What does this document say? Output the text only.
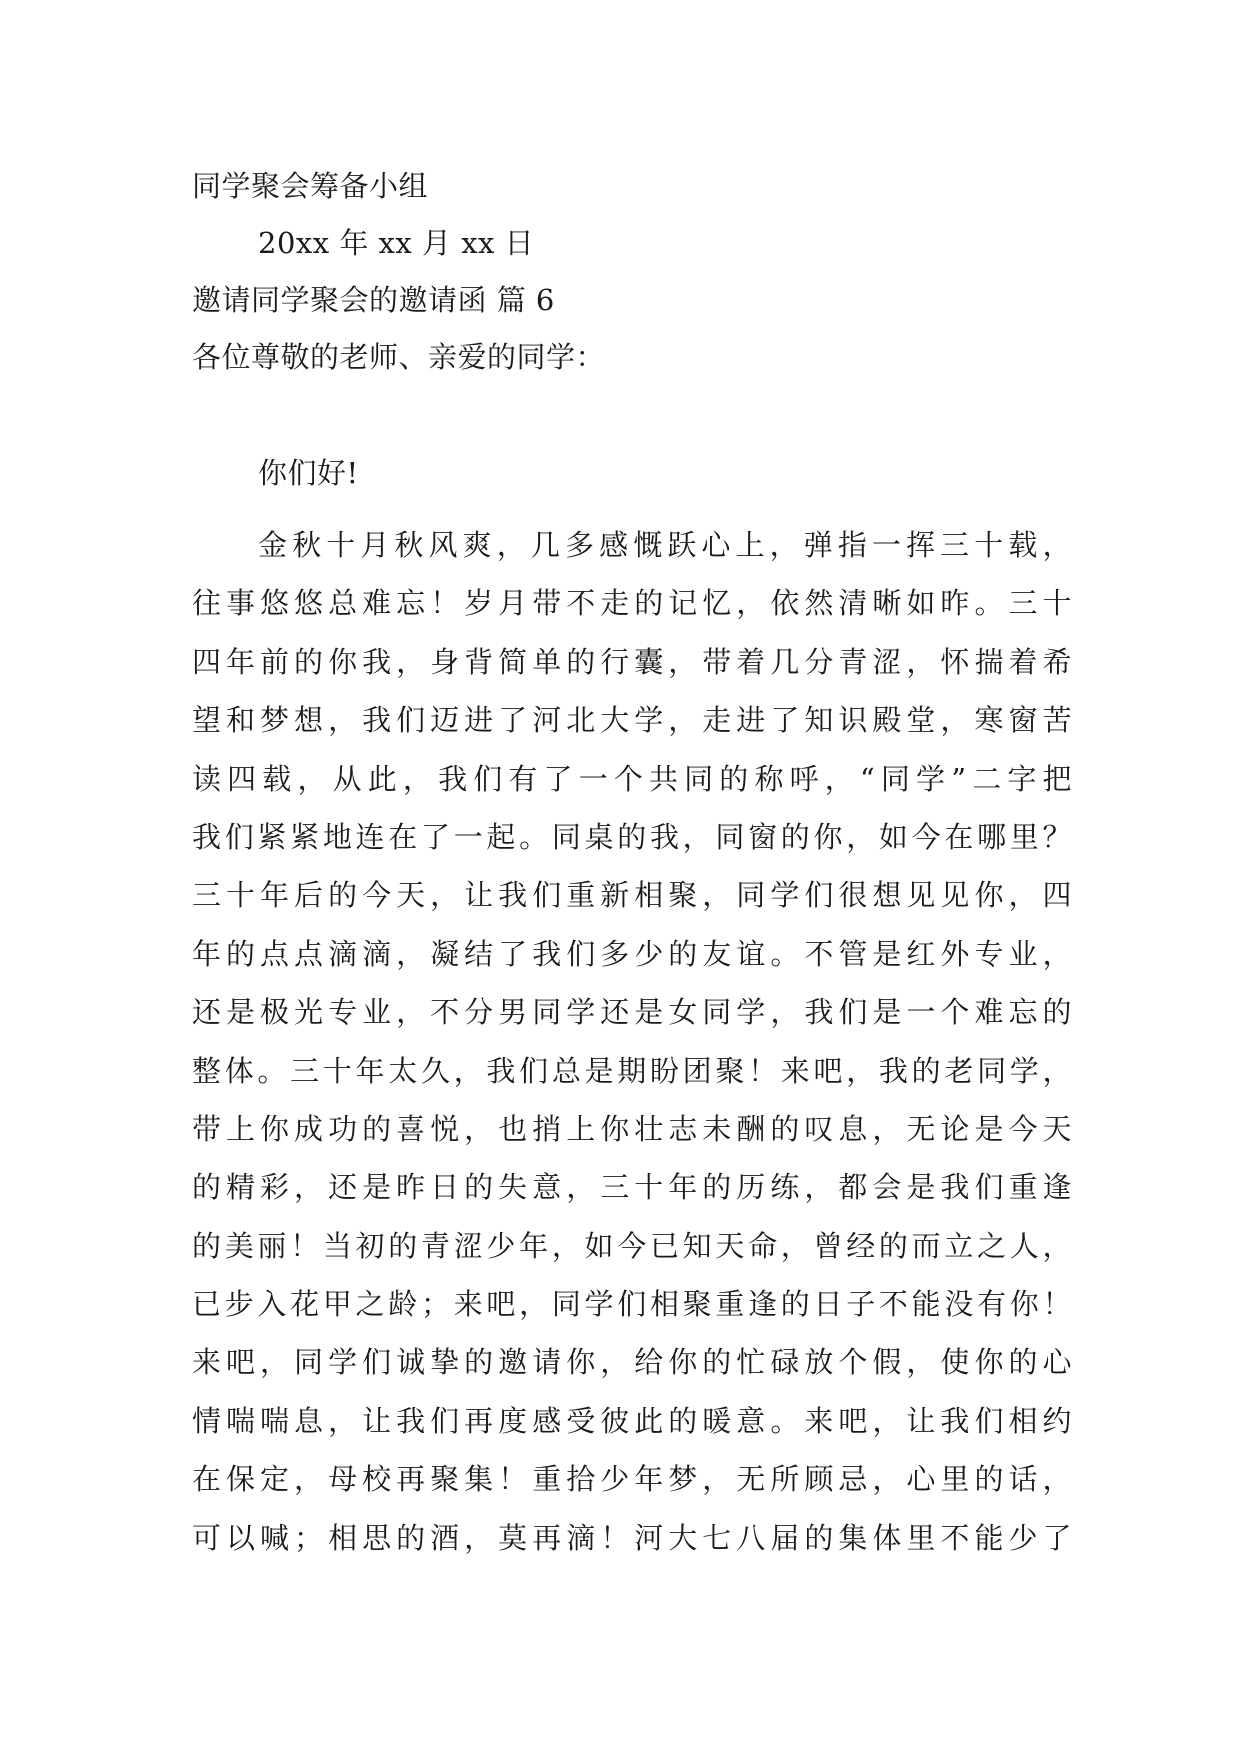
同学聚会筹备小组
20xx 年 xx 月 xx 日
邀请同学聚会的邀请函 篇 6
各位尊敬的老师、亲爱的同学：
你们好!
金秋十月秋风爽，几多感慨跃心上，弹指一挥三十载，
往事悠悠总难忘！岁月带不走的记忆，依然清晰如昨。三十
四年前的你我，身背简单的行囊，带着几分青涩，怀揣着希
望和梦想，我们迈进了河北大学，走进了知识殿堂，寒窗苦
读四载，从此，我们有了一个共同的称呼，“同学”二字把
我们紧紧地连在了一起。同桌的我，同窗的你，如今在哪里？
三十年后的今天，让我们重新相聚，同学们很想见见你，四
年的点点滴滴，凝结了我们多少的友谊。不管是红外专业，
还是极光专业，不分男同学还是女同学，我们是一个难忘的
整体。三十年太久，我们总是期盼团聚！来吧，我的老同学，
带上你成功的喜悦，也捎上你壮志未酬的叹息，无论是今天
的精彩，还是昨日的失意，三十年的历练，都会是我们重逢
的美丽！当初的青涩少年，如今已知天命，曾经的而立之人，
已步入花甲之龄；来吧，同学们相聚重逢的日子不能没有你！
来吧，同学们诚挚的邀请你，给你的忙碌放个假，使你的心
情喘喘息，让我们再度感受彼此的暖意。来吧，让我们相约
在保定，母校再聚集！重拾少年梦，无所顾忌，心里的话，
可以喊；相思的酒，莫再滴！河大七八届的集体里不能少了
